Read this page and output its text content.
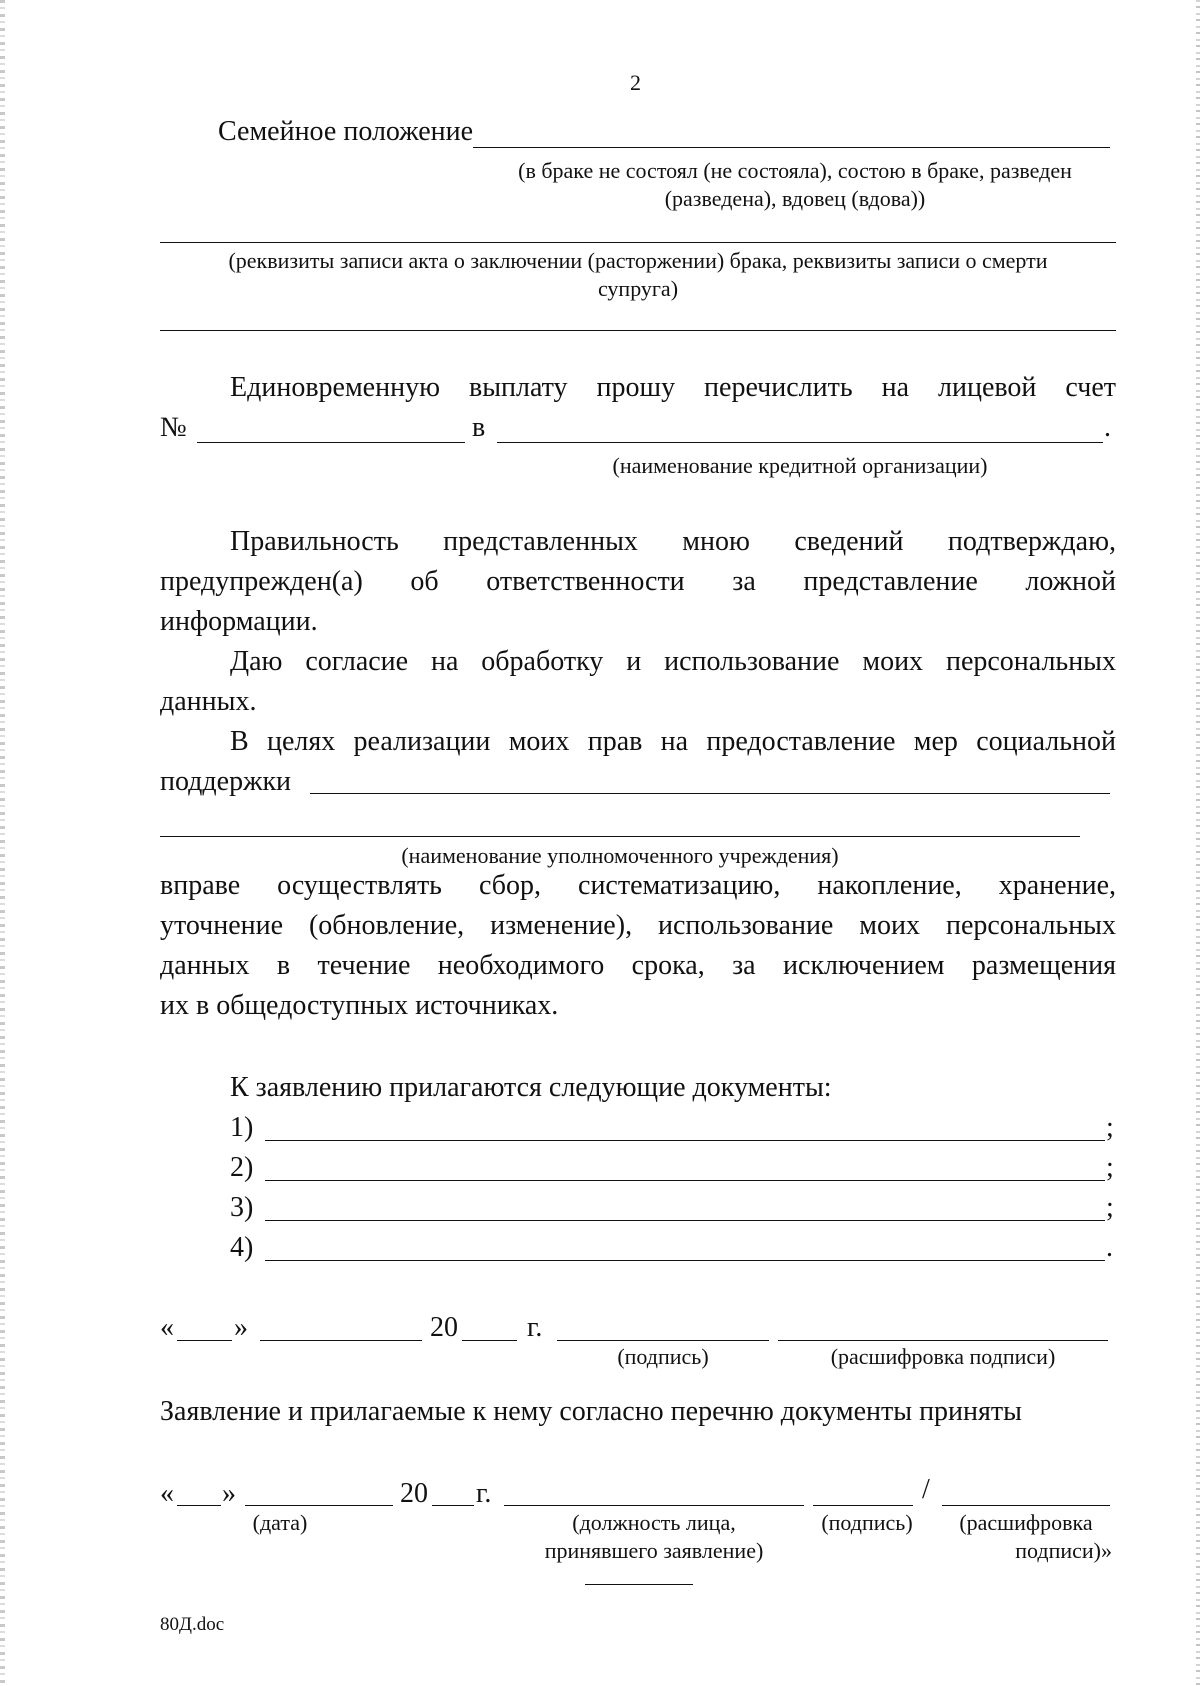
2
Семейное положение
(в браке не состоял (не состояла), состою в браке, разведен
(разведена), вдовец (вдова))
(реквизиты записи акта о заключении (расторжении) брака, реквизиты записи о смерти
супруга)
Единовременную выплату прошу перечислить на лицевой счет
№	в	.
(наименование кредитной организации)
Правильность представленных мною сведений подтверждаю,
предупрежден(а) об ответственности за представление ложной
информации.
Даю согласие на обработку и использование моих персональных
данных.
В целях реализации моих прав на предоставление мер социальной
поддержки
(наименование уполномоченного учреждения)
вправе осуществлять сбор, систематизацию, накопление, хранение,
уточнение (обновление, изменение), использование моих персональных
данных в течение необходимого срока, за исключением размещения
их в общедоступных источниках.
К заявлению прилагаются следующие документы:
1)	;
2)	;
3)	;
4)	.
« »	20 г.
(подпись)	(расшифровка подписи)
Заявление и прилагаемые к нему согласно перечню документы приняты
« »	20 г.	/
(дата)	(должность лица,
принявшего заявление)
(подпись)	(расшифровка
подписи)»
80Д.doc
